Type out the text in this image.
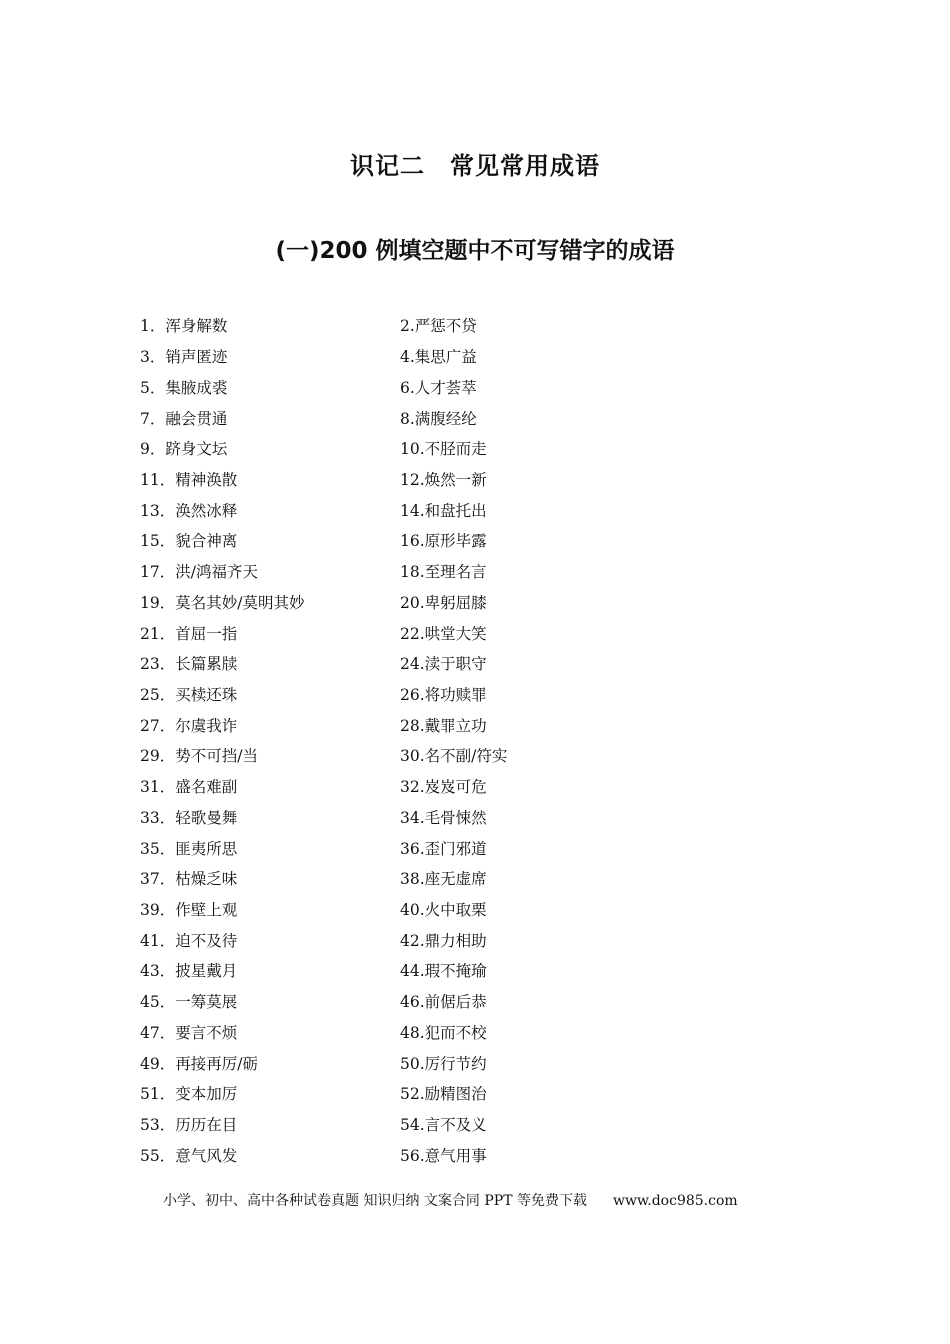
识记二　常见常用成语
(一)200 例填空题中不可写错字的成语
1．浑身解数	2.严惩不贷
3．销声匿迹	4.集思广益
5．集腋成裘	6.人才荟萃
7．融会贯通	8.满腹经纶
9．跻身文坛	10.不胫而走
11．精神涣散	12.焕然一新
13．涣然冰释	14.和盘托出
15．貌合神离	16.原形毕露
17．洪/鸿福齐天	18.至理名言
19．莫名其妙/莫明其妙	20.卑躬屈膝
21．首屈一指	22.哄堂大笑
23．长篇累牍	24.渎于职守
25．买椟还珠	26.将功赎罪
27．尔虞我诈	28.戴罪立功
29．势不可挡/当	30.名不副/符实
31．盛名难副	32.岌岌可危
33．轻歌曼舞	34.毛骨悚然
35．匪夷所思	36.歪门邪道
37．枯燥乏味	38.座无虚席
39．作壁上观	40.火中取栗
41．迫不及待	42.鼎力相助
43．披星戴月	44.瑕不掩瑜
45．一筹莫展	46.前倨后恭
47．要言不烦	48.犯而不校
49．再接再厉/砺	50.厉行节约
51．变本加厉	52.励精图治
53．历历在目	54.言不及义
55．意气风发	56.意气用事
小学、初中、高中各种试卷真题 知识归纳 文案合同 PPT 等免费下载 www.doc985.com
